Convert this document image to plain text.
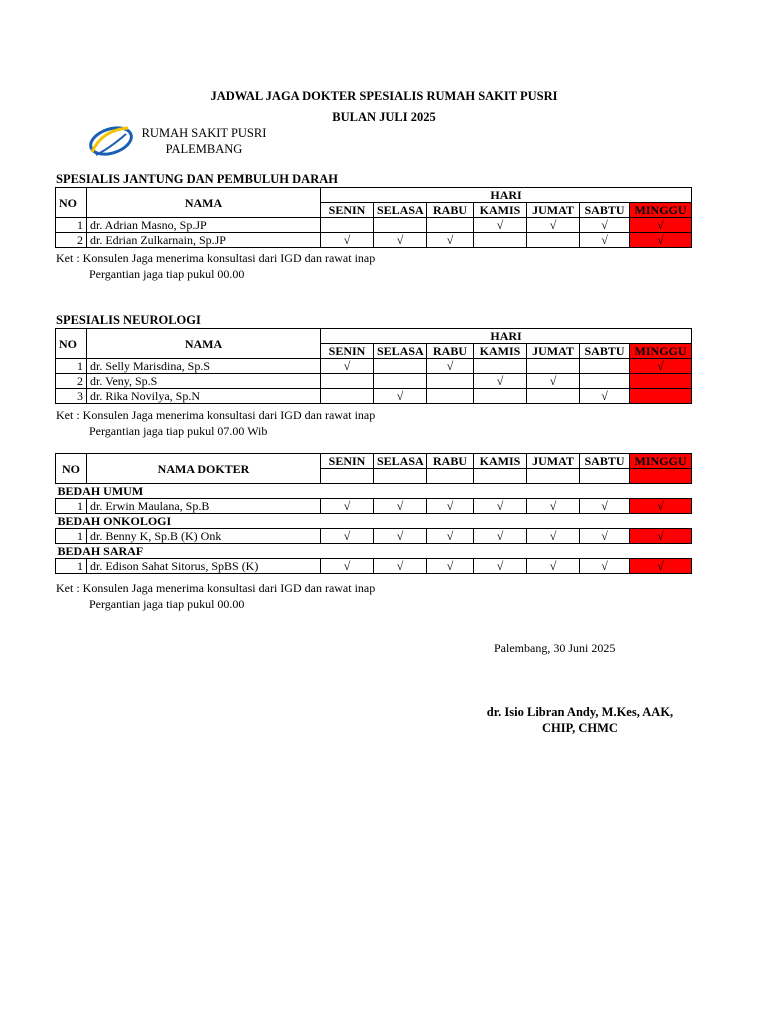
JADWAL JAGA DOKTER SPESIALIS RUMAH SAKIT PUSRI
BULAN JULI 2025
RUMAH SAKIT PUSRI
PALEMBANG
SPESIALIS JANTUNG DAN PEMBULUH DARAH
NO	NAMA	HARI						
		SENIN	SELASA	RABU	KAMIS	JUMAT	SABTU	MINGGU
1	dr. Adrian Masno, Sp.JP				√	√	√	√
2	dr. Edrian Zulkarnain, Sp.JP	√	√	√			√	√
Ket : Konsulen Jaga menerima konsultasi dari IGD dan rawat inap
Pergantian jaga tiap pukul 00.00
SPESIALIS NEUROLOGI
NO	NAMA	HARI						
		SENIN	SELASA	RABU	KAMIS	JUMAT	SABTU	MINGGU
1	dr. Selly Marisdina, Sp.S	√		√				√
2	dr. Veny, Sp.S				√	√		
3	dr. Rika Novilya, Sp.N		√				√	
Ket : Konsulen Jaga menerima konsultasi dari IGD dan rawat inap
Pergantian jaga tiap pukul 07.00 Wib
NO	NAMA DOKTER	SENIN	SELASA	RABU	KAMIS	JUMAT	SABTU	MINGGU

BEDAH UMUM								
1	dr. Erwin Maulana, Sp.B	√	√	√	√	√	√	√
BEDAH ONKOLOGI								
1	dr. Benny K, Sp.B (K) Onk	√	√	√	√	√	√	√
BEDAH SARAF								
1	dr. Edison Sahat Sitorus, SpBS (K)	√	√	√	√	√	√	√
Ket : Konsulen Jaga menerima konsultasi dari IGD dan rawat inap
Pergantian jaga tiap pukul 00.00
Palembang, 30 Juni 2025
dr. Isio Libran Andy, M.Kes, AAK,
CHIP, CHMC
